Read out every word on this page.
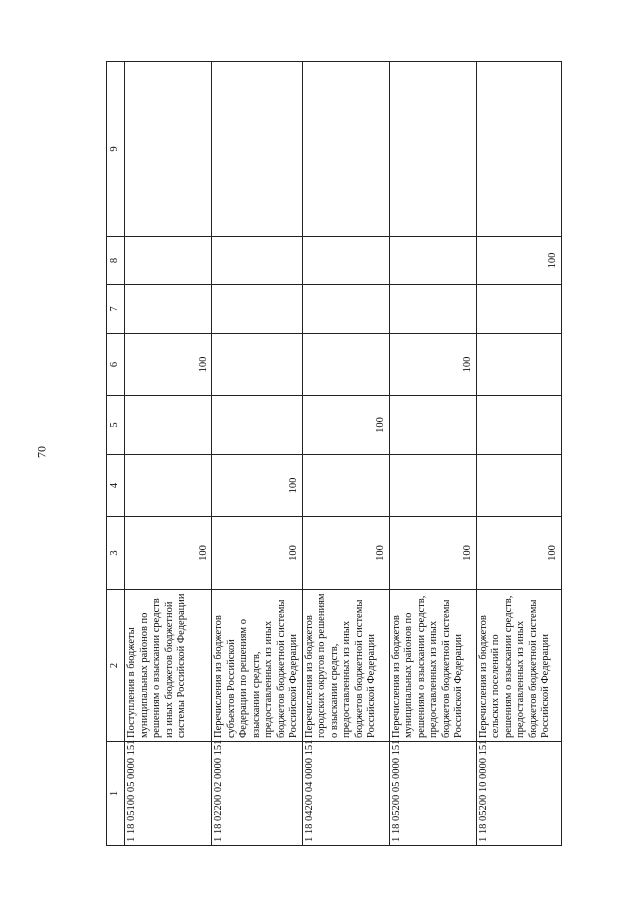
70
1	2	3	4	5	6	7	8	9
1 18 05100 05 0000 151	Поступления в бюджеты муниципальных районов по решениям о взыскании средств из иных бюджетов бюджетной системы Российской Федерации	100			100			
1 18 02200 02 0000 151	Перечисления из бюджетов субъектов Российской Федерации по решениям о взыскании средств, предоставленных из иных бюджетов бюджетной системы Российской Федерации	100	100					
1 18 04200 04 0000 151	Перечисления из бюджетов городских округов по решениям о взыскании средств, предоставленных из иных бюджетов бюджетной системы Российской Федерации	100		100				
1 18 05200 05 0000 151	Перечисления из бюджетов муниципальных районов по решениям о взыскании средств, предоставленных из иных бюджетов бюджетной системы Российской Федерации	100			100			
1 18 05200 10 0000 151	Перечисления из бюджетов сельских поселений по решениям о взыскании средств, предоставленных из иных бюджетов бюджетной системы Российской Федерации	100					100	
